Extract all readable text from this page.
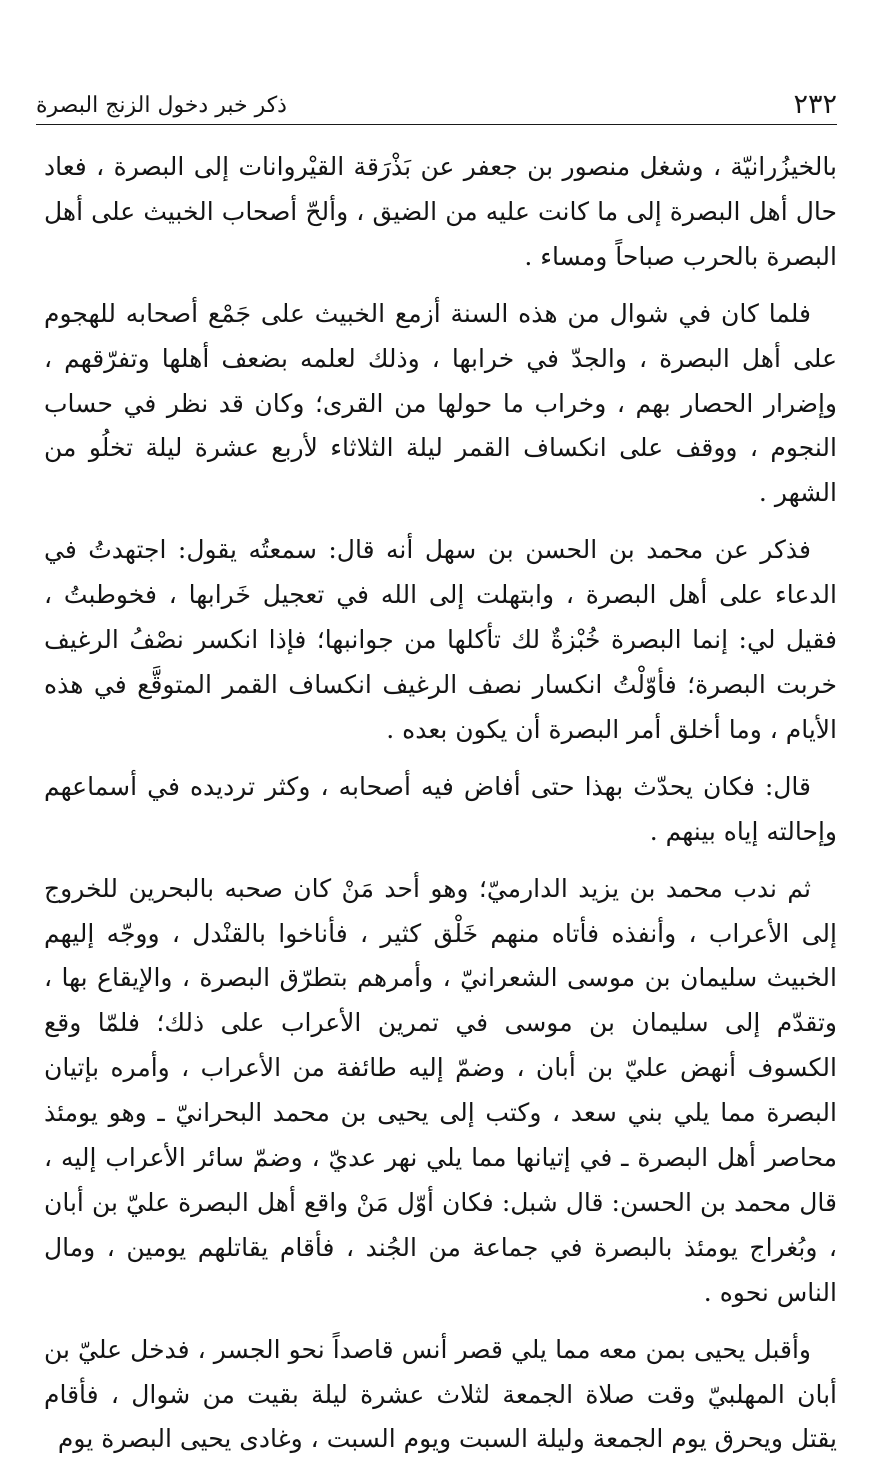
٢٣٢
ذكر خبر دخول الزنج البصرة

بالخيزُرانيّة ، وشغل منصور بن جعفر عن بَذْرَقة القيْروانات إلى البصرة ، فعاد حال أهل البصرة إلى ما كانت عليه من الضيق ، وألحّ أصحاب الخبيث على أهل البصرة بالحرب صباحاً ومساء .

فلما كان في شوال من هذه السنة أزمع الخبيث على جَمْع أصحابه للهجوم على أهل البصرة ، والجدّ في خرابها ، وذلك لعلمه بضعف أهلها وتفرّقهم ، وإضرار الحصار بهم ، وخراب ما حولها من القرى؛ وكان قد نظر في حساب النجوم ، ووقف على انكساف القمر ليلة الثلاثاء لأربع عشرة ليلة تخلُو من الشهر .

فذكر عن محمد بن الحسن بن سهل أنه قال: سمعتُه يقول: اجتهدتُ في الدعاء على أهل البصرة ، وابتهلت إلى الله في تعجيل خَرابها ، فخوطبتُ ، فقيل لي: إنما البصرة خُبْزةٌ لك تأكلها من جوانبها؛ فإذا انكسر نصْفُ الرغيف خربت البصرة؛ فأوّلْتُ انكسار نصف الرغيف انكساف القمر المتوقَّع في هذه الأيام ، وما أخلق أمر البصرة أن يكون بعده .

قال: فكان يحدّث بهذا حتى أفاض فيه أصحابه ، وكثر ترديده في أسماعهم وإحالته إياه بينهم .

ثم ندب محمد بن يزيد الدارميّ؛ وهو أحد مَنْ كان صحبه بالبحرين للخروج إلى الأعراب ، وأنفذه فأتاه منهم خَلْق كثير ، فأناخوا بالقنْدل ، ووجّه إليهم الخبيث سليمان بن موسى الشعرانيّ ، وأمرهم بتطرّق البصرة ، والإيقاع بها ، وتقدّم إلى سليمان بن موسى في تمرين الأعراب على ذلك؛ فلمّا وقع الكسوف أنهض عليّ بن أبان ، وضمّ إليه طائفة من الأعراب ، وأمره بإتيان البصرة مما يلي بني سعد ، وكتب إلى يحيى بن محمد البحرانيّ ـ وهو يومئذ محاصر أهل البصرة ـ في إتيانها مما يلي نهر عديّ ، وضمّ سائر الأعراب إليه ، قال محمد بن الحسن: قال شبل: فكان أوّل مَنْ واقع أهل البصرة عليّ بن أبان ، وبُغراج يومئذ بالبصرة في جماعة من الجُند ، فأقام يقاتلهم يومين ، ومال الناس نحوه .

وأقبل يحيى بمن معه مما يلي قصر أنس قاصداً نحو الجسر ، فدخل عليّ بن أبان المهلبيّ وقت صلاة الجمعة لثلاث عشرة ليلة بقيت من شوال ، فأقام يقتل ويحرق يوم الجمعة وليلة السبت ويوم السبت ، وغادى يحيى البصرة يوم
